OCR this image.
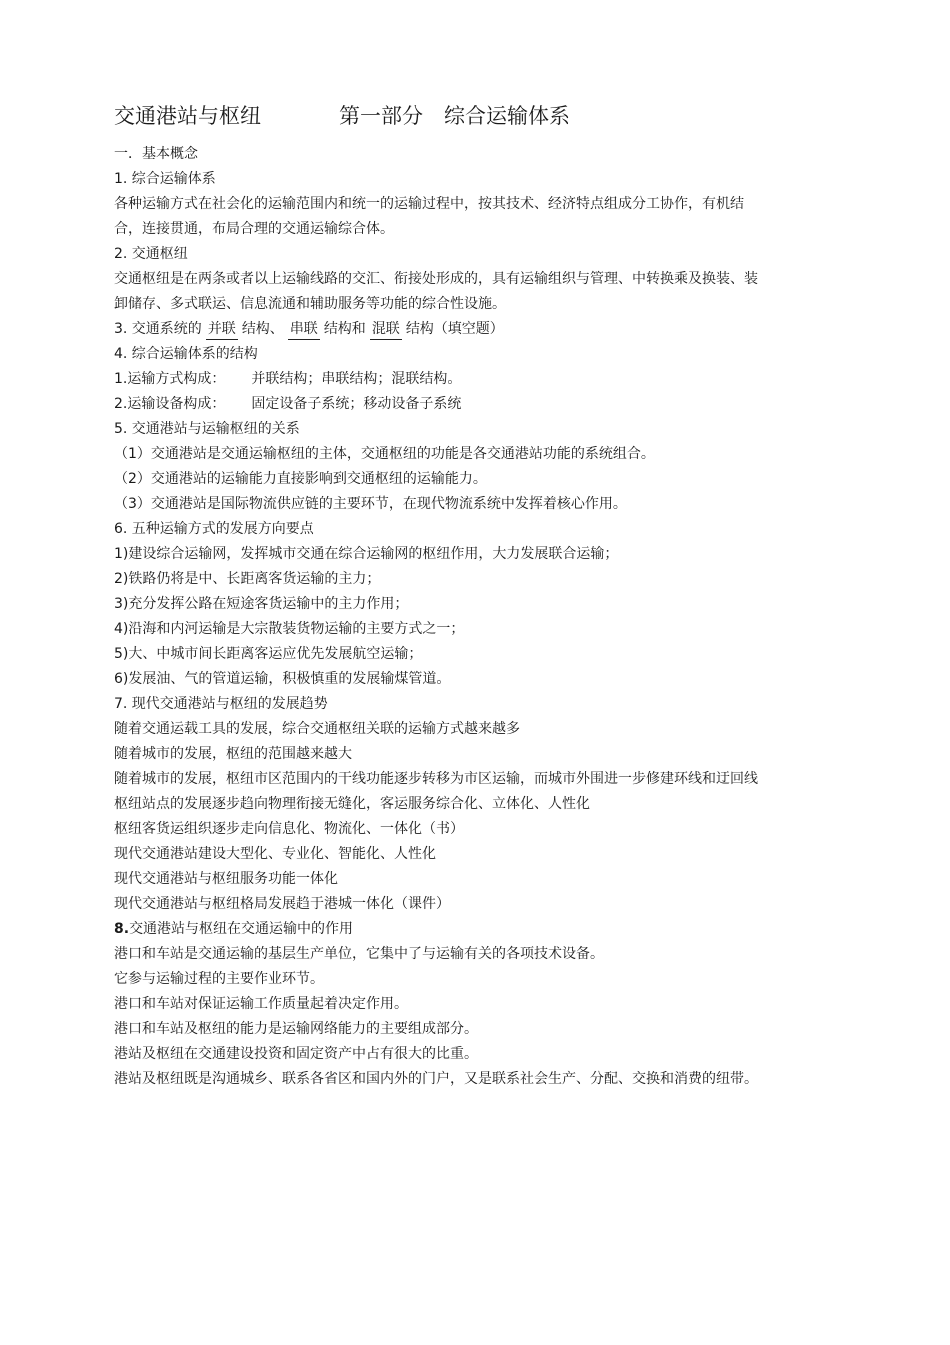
交通港站与枢纽	第一部分　综合运输体系
一．基本概念
1. 综合运输体系
各种运输方式在社会化的运输范围内和统一的运输过程中，按其技术、经济特点组成分工协作，有机结合，连接贯通，布局合理的交通运输综合体。
2. 交通枢纽
交通枢纽是在两条或者以上运输线路的交汇、衔接处形成的，具有运输组织与管理、中转换乘及换装、装卸储存、多式联运、信息流通和辅助服务等功能的综合性设施。
3. 交通系统的 并联 结构、 串联 结构和 混联 结构（填空题）
4. 综合运输体系的结构
1.运输方式构成： 并联结构；串联结构；混联结构。
2.运输设备构成： 固定设备子系统；移动设备子系统
5. 交通港站与运输枢纽的关系
（1）交通港站是交通运输枢纽的主体，交通枢纽的功能是各交通港站功能的系统组合。
（2）交通港站的运输能力直接影响到交通枢纽的运输能力。
（3）交通港站是国际物流供应链的主要环节，在现代物流系统中发挥着核心作用。
6. 五种运输方式的发展方向要点
1)建设综合运输网，发挥城市交通在综合运输网的枢纽作用，大力发展联合运输；
2)铁路仍将是中、长距离客货运输的主力；
3)充分发挥公路在短途客货运输中的主力作用；
4)沿海和内河运输是大宗散装货物运输的主要方式之一；
5)大、中城市间长距离客运应优先发展航空运输；
6)发展油、气的管道运输，积极慎重的发展输煤管道。
7. 现代交通港站与枢纽的发展趋势
随着交通运载工具的发展，综合交通枢纽关联的运输方式越来越多
随着城市的发展，枢纽的范围越来越大
随着城市的发展，枢纽市区范围内的干线功能逐步转移为市区运输，而城市外围进一步修建环线和迂回线
枢纽站点的发展逐步趋向物理衔接无缝化，客运服务综合化、立体化、人性化
枢纽客货运组织逐步走向信息化、物流化、一体化（书）
现代交通港站建设大型化、专业化、智能化、人性化
现代交通港站与枢纽服务功能一体化
现代交通港站与枢纽格局发展趋于港城一体化（课件）
8.交通港站与枢纽在交通运输中的作用
港口和车站是交通运输的基层生产单位，它集中了与运输有关的各项技术设备。
它参与运输过程的主要作业环节。
港口和车站对保证运输工作质量起着决定作用。
港口和车站及枢纽的能力是运输网络能力的主要组成部分。
港站及枢纽在交通建设投资和固定资产中占有很大的比重。
港站及枢纽既是沟通城乡、联系各省区和国内外的门户，又是联系社会生产、分配、交换和消费的纽带。
